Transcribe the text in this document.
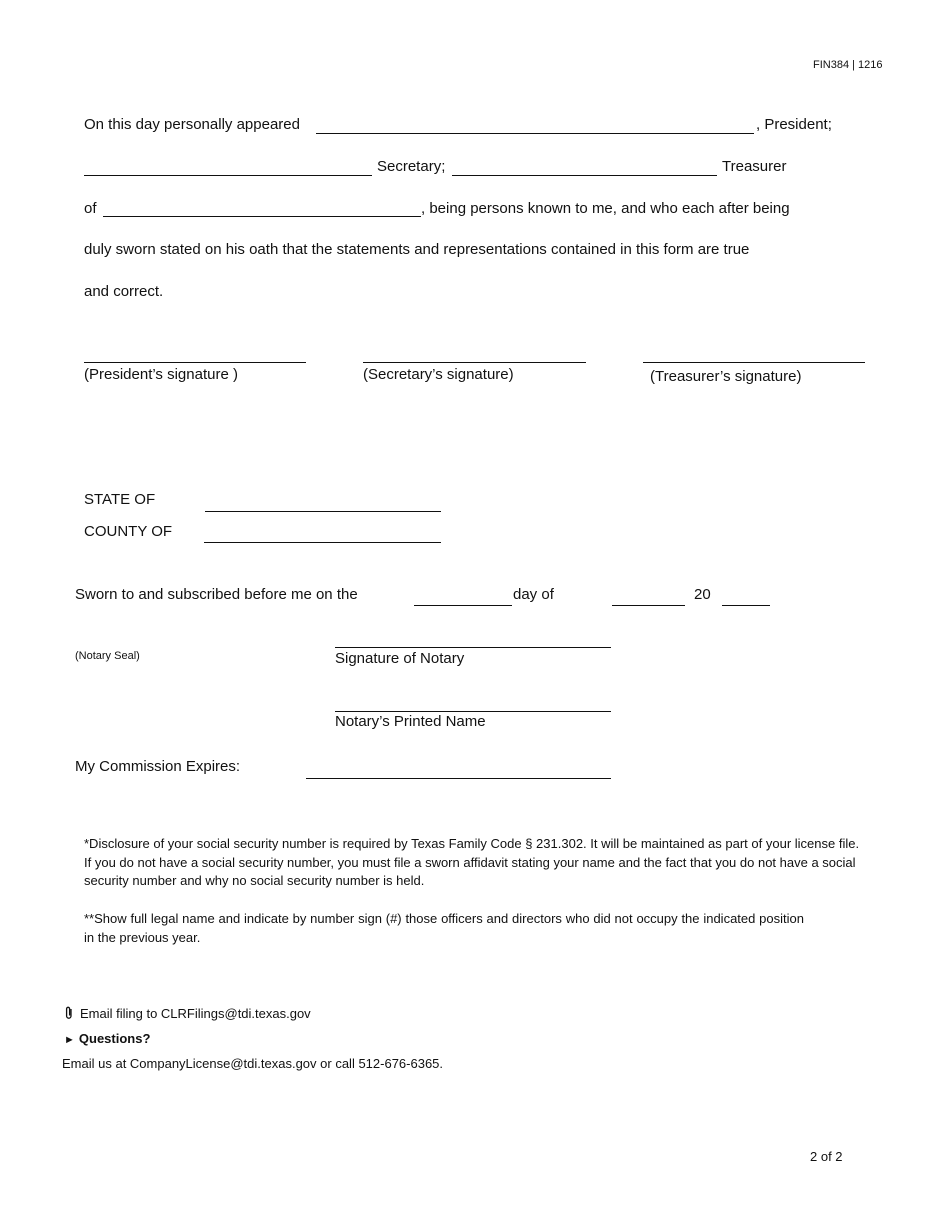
FIN384 | 1216
On this day personally appeared	, President;
Secretary;	Treasurer
of	, being persons known to me, and who each after being
duly sworn stated on his oath that the statements and representations contained in this form are true
and correct.
(President’s signature )	(Secretary’s signature)	(Treasurer’s signature)
STATE OF
COUNTY OF
Sworn to and subscribed before me on the	day of	20
(Notary Seal)	Signature of Notary
Notary’s Printed Name
My Commission Expires:
*Disclosure of your social security number is required by Texas Family Code § 231.302. It will be maintained as part of your license file. If you do not have a social security number, you must file a sworn affidavit stating your name and the fact that you do not have a social security number and why no social security number is held.
**Show full legal name and indicate by number sign (#) those officers and directors who did not occupy the indicated position in the previous year.
Email filing to CLRFilings@tdi.texas.gov
► Questions?
Email us at CompanyLicense@tdi.texas.gov or call 512-676-6365.
2 of 2
